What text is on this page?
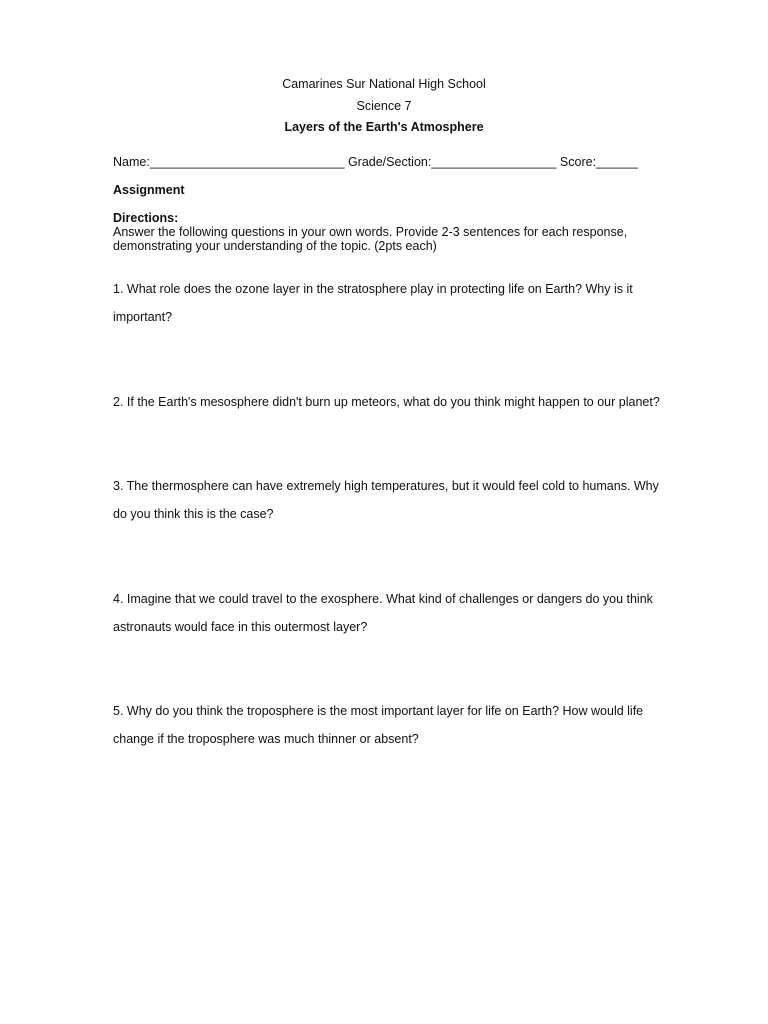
Camarines Sur National High School
Science 7
Layers of the Earth's Atmosphere
Name:____________________________ Grade/Section:__________________ Score:______
Assignment
Directions:
Answer the following questions in your own words. Provide 2-3 sentences for each response, demonstrating your understanding of the topic. (2pts each)
1. What role does the ozone layer in the stratosphere play in protecting life on Earth? Why is it important?
2. If the Earth's mesosphere didn't burn up meteors, what do you think might happen to our planet?
3. The thermosphere can have extremely high temperatures, but it would feel cold to humans. Why do you think this is the case?
4. Imagine that we could travel to the exosphere. What kind of challenges or dangers do you think astronauts would face in this outermost layer?
5. Why do you think the troposphere is the most important layer for life on Earth? How would life change if the troposphere was much thinner or absent?
